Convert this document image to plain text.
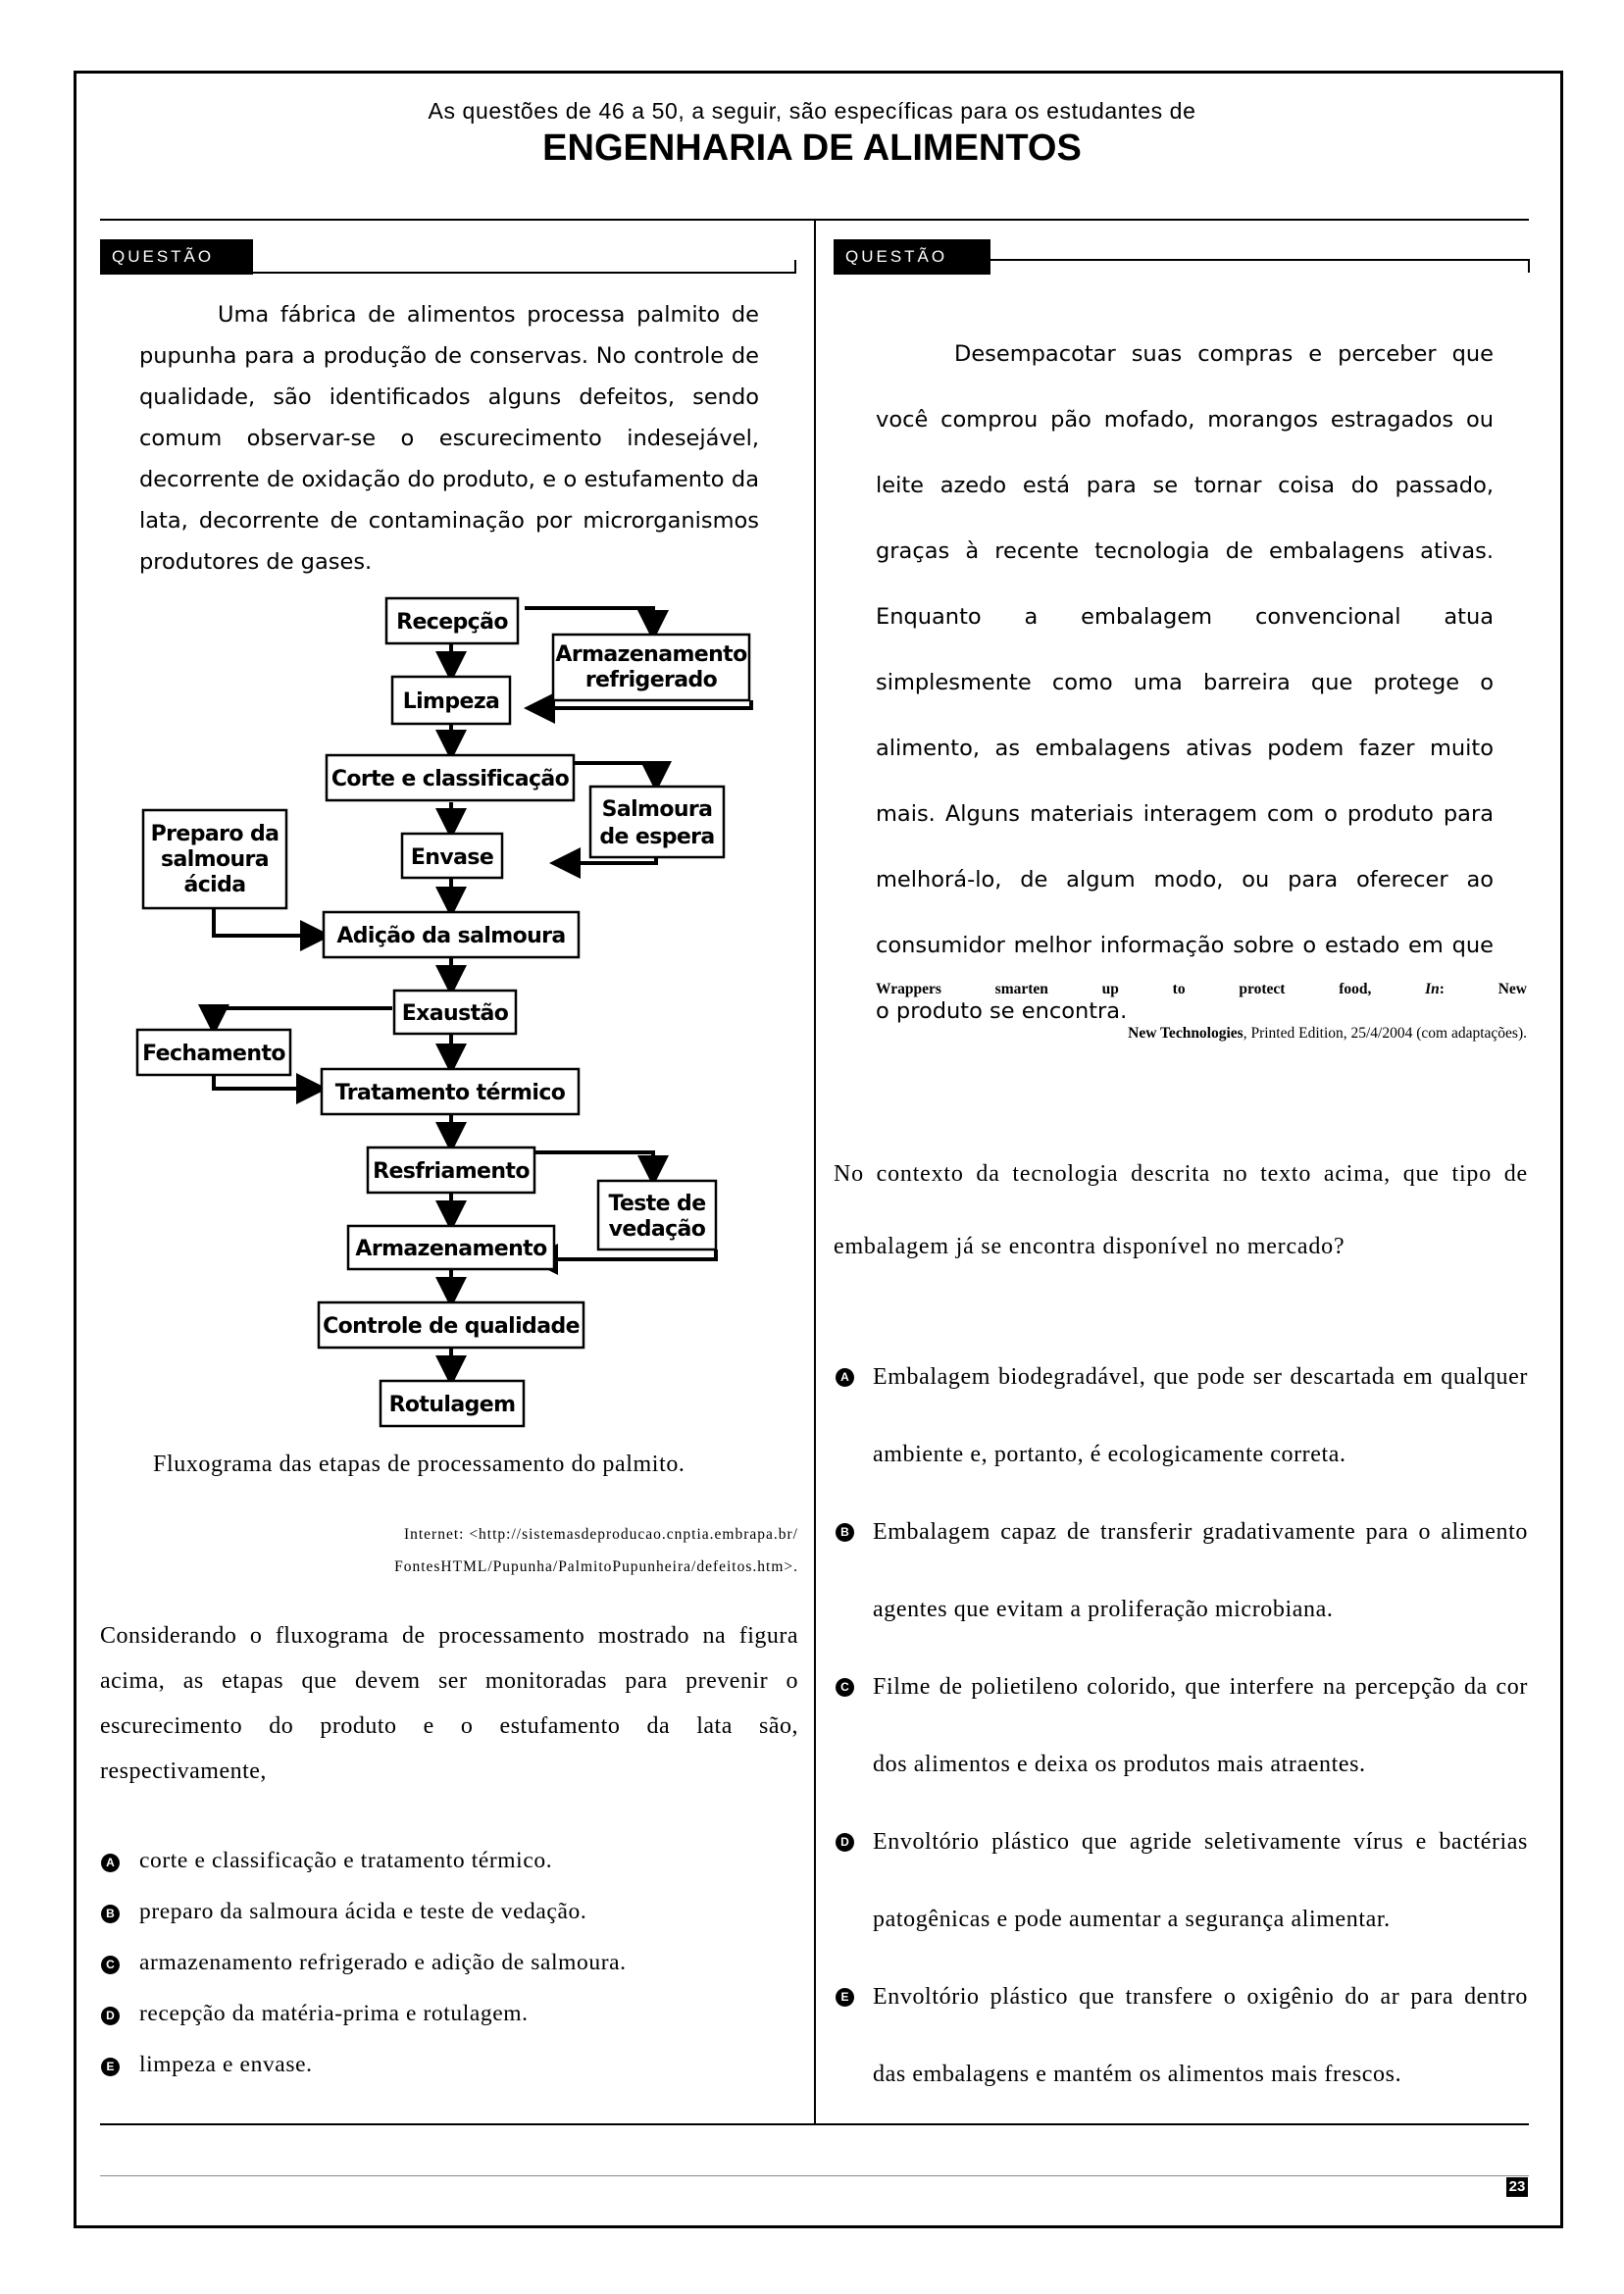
As questões de 46 a 50, a seguir, são específicas para os estudantes de
ENGENHARIA DE ALIMENTOS
QUESTÃO 46

Uma fábrica de alimentos processa palmito de pupunha para a produção de conservas. No controle de qualidade, são identificados alguns defeitos, sendo comum observar-se o escurecimento indesejável, decorrente de oxidação do produto, e o estufamento da lata, decorrente de contaminação por microrganismos produtores de gases.

Recepção
Armazenamento
refrigerado
Limpeza
Corte e classificação
Salmoura
de espera
Preparo da
salmoura
ácida
Envase
Adição da salmoura
Exaustão
Fechamento
Tratamento térmico
Resfriamento
Teste de
vedação
Armazenamento
Controle de qualidade
Rotulagem
Fluxograma das etapas de processamento do palmito.
Internet: <http://sistemasdeproducao.cnptia.embrapa.br/
FontesHTML/Pupunha/PalmitoPupunheira/defeitos.htm>.

Considerando o fluxograma de processamento mostrado na figura acima, as etapas que devem ser monitoradas para prevenir o escurecimento do produto e o estufamento da lata são, respectivamente,

A corte e classificação e tratamento térmico.
B preparo da salmoura ácida e teste de vedação.
C armazenamento refrigerado e adição de salmoura.
D recepção da matéria-prima e rotulagem.
E limpeza e envase.
QUESTÃO 47

Desempacotar suas compras e perceber que você comprou pão mofado, morangos estragados ou leite azedo está para se tornar coisa do passado, graças à recente tecnologia de embalagens ativas. Enquanto a embalagem convencional atua simplesmente como uma barreira que protege o alimento, as embalagens ativas podem fazer muito mais. Alguns materiais interagem com o produto para melhorá-lo, de algum modo, ou para oferecer ao consumidor melhor informação sobre o estado em que o produto se encontra.

Wrappers smarten up to protect food, In: New
New Technologies, Printed Edition, 25/4/2004 (com adaptações).

No contexto da tecnologia descrita no texto acima, que tipo de embalagem já se encontra disponível no mercado?

A Embalagem biodegradável, que pode ser descartada em qualquer ambiente e, portanto, é ecologicamente correta.

B Embalagem capaz de transferir gradativamente para o alimento agentes que evitam a proliferação microbiana.

C Filme de polietileno colorido, que interfere na percepção da cor dos alimentos e deixa os produtos mais atraentes.

D Envoltório plástico que agride seletivamente vírus e bactérias patogênicas e pode aumentar a segurança alimentar.

E Envoltório plástico que transfere o oxigênio do ar para dentro das embalagens e mantém os alimentos mais frescos.

23
